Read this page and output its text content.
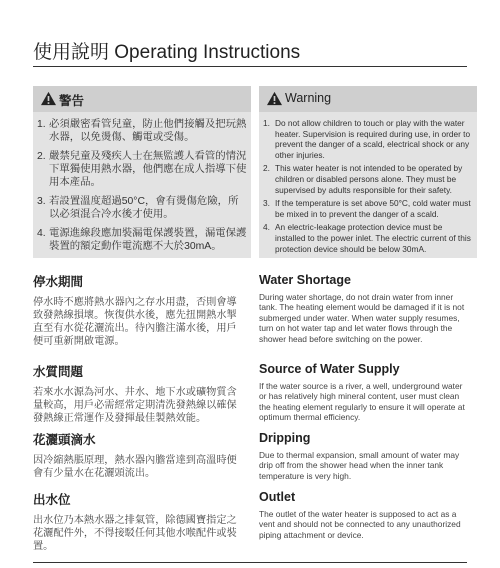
使用說明 Operating Instructions
警告
1. 必須嚴密看管兒童，防止他們接觸及把玩熱水器，以免燙傷、觸電或受傷。
2. 嚴禁兒童及殘疾人士在無監護人看管的情況下單獨使用熱水器，他們應在成人指導下使用本產品。
3. 若設置溫度超過50°C，會有燙傷危險，所以必須混合冷水後才使用。
4. 電源進線段應加裝漏電保護裝置，漏電保護裝置的額定動作電流應不大於30mA。
Warning
1. Do not allow children to touch or play with the water heater. Supervision is required during use, in order to prevent the danger of a scald, electrical shock or any other injuries.
2. This water heater is not intended to be operated by children or disabled persons alone. They must be supervised by adults responsible for their safety.
3. If the temperature is set above 50°C, cold water must be mixed in to prevent the danger of a scald.
4. An electric-leakage protection device must be installed to the power inlet. The electric current of this protection device should be below 30mA.
停水期間

停水時不應將熱水器內之存水用盡，否則會導致發熱線損壞。恢復供水後，應先扭開熱水掣直至有水從花灑流出。待內膽注滿水後，用戶便可重新開啟電源。

水質問題

若來水水源為河水、井水、地下水或礦物質含量較高，用戶必需經常定期清洗發熱線以確保發熱線正常運作及發揮最佳製熱效能。

花灑頭滴水

因冷縮熱脹原理，熱水器內膽當達到高溫時便會有少量水在花灑頭流出。

出水位

出水位乃本熱水器之排氣管，除德國寶指定之花灑配件外，不得接駁任何其他水喉配件或裝置。

Water Shortage

During water shortage, do not drain water from inner tank. The heating element would be damaged if it is not submerged under water. When water supply resumes, turn on hot water tap and let water flows through the shower head before switching on the power.

Source of Water Supply

If the water source is a river, a well, underground water or has relatively high mineral content, user must clean the heating element regularly to ensure it will operate at optimum thermal efficiency.

Dripping

Due to thermal expansion, small amount of water may drip off from the shower head when the inner tank temperature is very high.

Outlet

The outlet of the water heater is supposed to act as a vent and should not be connected to any unauthorized piping attachment or device.
